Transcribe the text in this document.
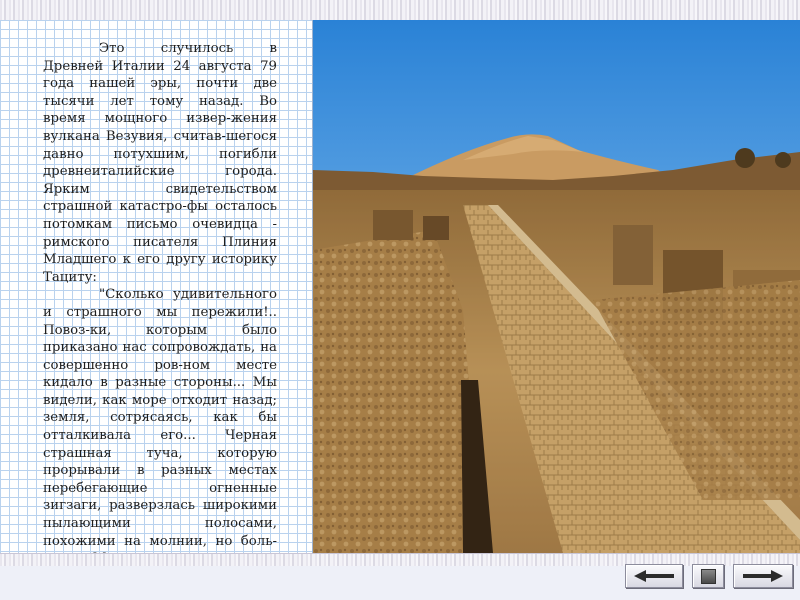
Это случилось в Древней Италии 24 августа 79 года нашей эры, почти две тысячи лет тому назад. Во время мощного извер-жения вулкана Везувия, считав-шегося давно потухшим, погибли древнеиталийские города. Ярким свидетельством страшной катастро-фы осталось потомкам письмо очевидца - римского писателя Плиния Младшего к его другу историку Тациту:

"Сколько удивительного и страшного мы пережили!.. Повоз-ки, которым было приказано нас сопровождать, на совершенно ров-ном месте кидало в разные стороны... Мы видели, как море отходит назад; земля, сотрясаясь, как бы отталкивала его... Черная страшная туча, которую прорывали в разных местах перебегающие огненные зигзаги, разверзлась широкими пылающими полосами, похожими на молнии, но боль-
